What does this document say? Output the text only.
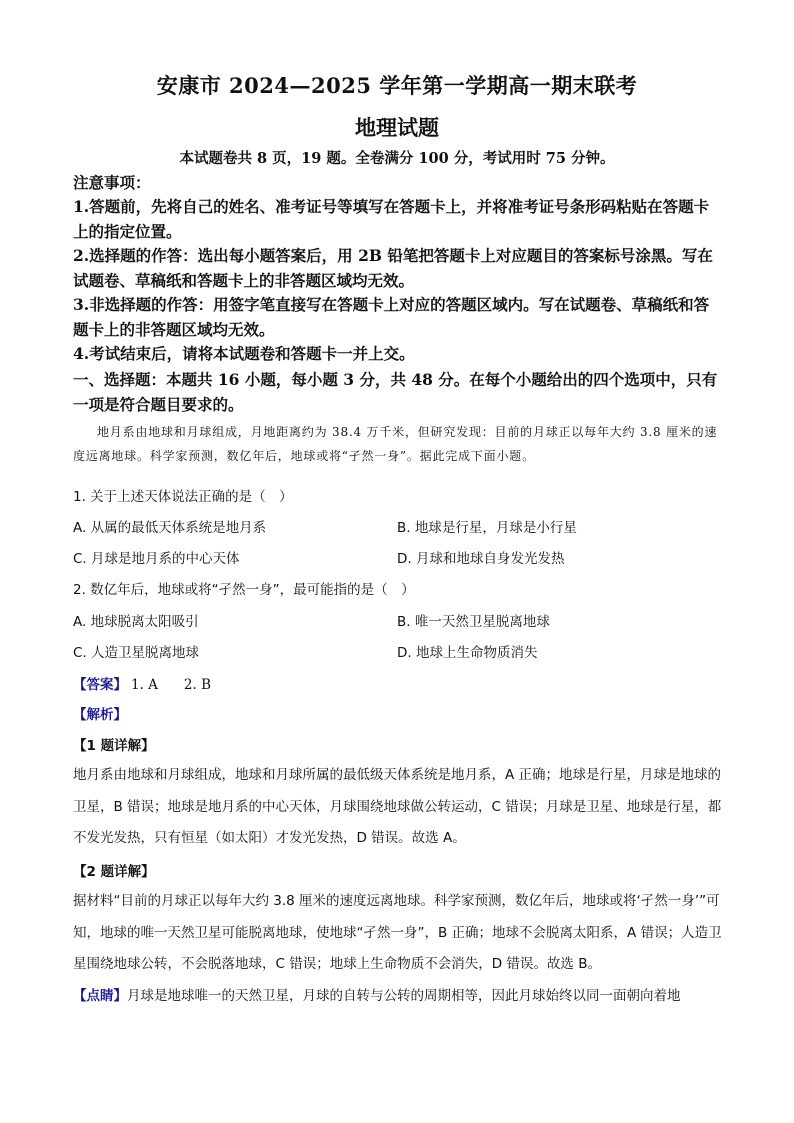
安康市 2024—2025 学年第一学期高一期末联考
地理试题
本试题卷共 8 页，19 题。全卷满分 100 分，考试用时 75 分钟。
注意事项：

1.答题前，先将自己的姓名、准考证号等填写在答题卡上，并将准考证号条形码粘贴在答题卡上的指定位置。

2.选择题的作答：选出每小题答案后，用 2B 铅笔把答题卡上对应题目的答案标号涂黑。写在试题卷、草稿纸和答题卡上的非答题区域均无效。

3.非选择题的作答：用签字笔直接写在答题卡上对应的答题区域内。写在试题卷、草稿纸和答题卡上的非答题区域均无效。

4.考试结束后，请将本试题卷和答题卡一并上交。

一、选择题：本题共 16 小题，每小题 3 分，共 48 分。在每个小题给出的四个选项中，只有一项是符合题目要求的。
地月系由地球和月球组成，月地距离约为 38.4 万千米，但研究发现：目前的月球正以每年大约 3.8 厘米的速度远离地球。科学家预测，数亿年后，地球或将“孑然一身”。据此完成下面小题。
1. 关于上述天体说法正确的是（　）
A. 从属的最低天体系统是地月系	B. 地球是行星，月球是小行星
C. 月球是地月系的中心天体	D. 月球和地球自身发光发热
2. 数亿年后，地球或将“孑然一身”，最可能指的是（　）
A. 地球脱离太阳吸引	B. 唯一天然卫星脱离地球
C. 人造卫星脱离地球	D. 地球上生命物质消失
【答案】 1. A 2. B
【解析】
【1 题详解】

地月系由地球和月球组成，地球和月球所属的最低级天体系统是地月系，A 正确；地球是行星，月球是地球的卫星，B 错误；地球是地月系的中心天体，月球围绕地球做公转运动，C 错误；月球是卫星、地球是行星，都不发光发热，只有恒星（如太阳）才发光发热，D 错误。故选 A。

【2 题详解】

据材料“目前的月球正以每年大约 3.8 厘米的速度远离地球。科学家预测，数亿年后，地球或将‘孑然一身’”可知，地球的唯一天然卫星可能脱离地球，使地球“孑然一身”，B 正确；地球不会脱离太阳系，A 错误；人造卫星围绕地球公转，不会脱落地球，C 错误；地球上生命物质不会消失，D 错误。故选 B。

【点睛】月球是地球唯一的天然卫星，月球的自转与公转的周期相等，因此月球始终以同一面朝向着地
